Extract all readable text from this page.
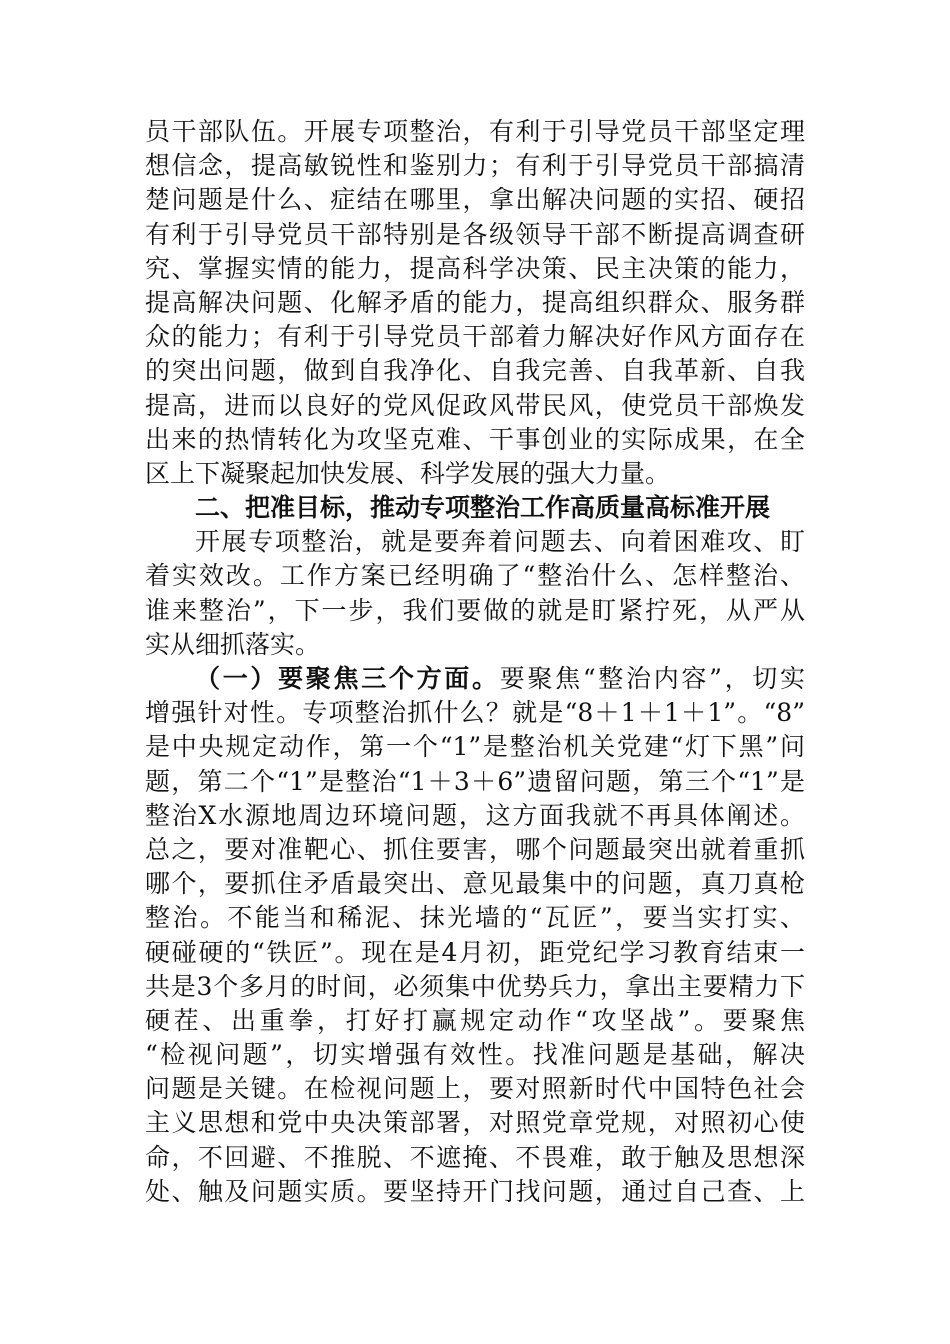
员干部队伍。开展专项整治，有利于引导党员干部坚定理
想信念，提高敏锐性和鉴别力；有利于引导党员干部搞清
楚问题是什么、症结在哪里，拿出解决问题的实招、硬招
有利于引导党员干部特别是各级领导干部不断提高调查研
究、掌握实情的能力，提高科学决策、民主决策的能力，
提高解决问题、化解矛盾的能力，提高组织群众、服务群
众的能力；有利于引导党员干部着力解决好作风方面存在
的突出问题，做到自我净化、自我完善、自我革新、自我
提高，进而以良好的党风促政风带民风，使党员干部焕发
出来的热情转化为攻坚克难、干事创业的实际成果，在全
区上下凝聚起加快发展、科学发展的强大力量。
二、把准目标，推动专项整治工作高质量高标准开展
开展专项整治，就是要奔着问题去、向着困难攻、盯
着实效改。工作方案已经明确了“整治什么、怎样整治、
谁来整治”，下一步，我们要做的就是盯紧拧死，从严从
实从细抓落实。
（一）要聚焦三个方面。要聚焦“整治内容”，切实
增强针对性。专项整治抓什么？就是“8＋1＋1＋1”。“8”
是中央规定动作，第一个“1”是整治机关党建“灯下黑”问
题，第二个“1”是整治“1＋3＋6”遗留问题，第三个“1”是
整治X水源地周边环境问题，这方面我就不再具体阐述。
总之，要对准靶心、抓住要害，哪个问题最突出就着重抓
哪个，要抓住矛盾最突出、意见最集中的问题，真刀真枪
整治。不能当和稀泥、抹光墙的“瓦匠”，要当实打实、
硬碰硬的“铁匠”。现在是4月初，距党纪学习教育结束一
共是3个多月的时间，必须集中优势兵力，拿出主要精力下
硬茬、出重拳，打好打赢规定动作“攻坚战”。要聚焦
“检视问题”，切实增强有效性。找准问题是基础，解决
问题是关键。在检视问题上，要对照新时代中国特色社会
主义思想和党中央决策部署，对照党章党规，对照初心使
命，不回避、不推脱、不遮掩、不畏难，敢于触及思想深
处、触及问题实质。要坚持开门找问题，通过自己查、上
